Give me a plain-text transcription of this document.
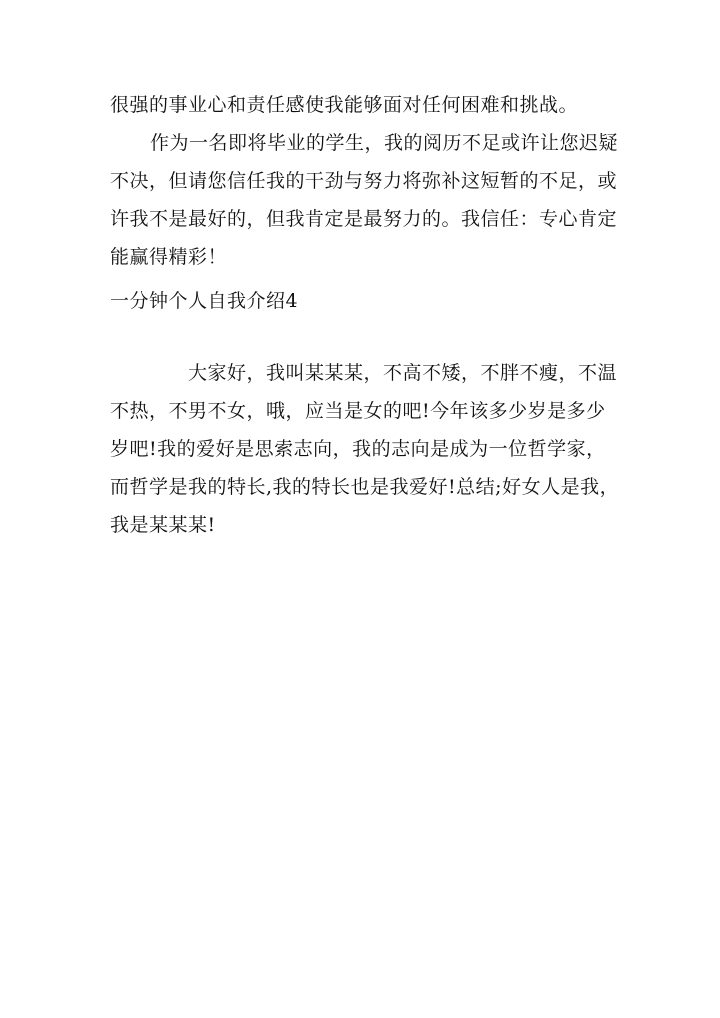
很强的事业心和责任感使我能够面对任何困难和挑战。
作为一名即将毕业的学生，我的阅历不足或许让您迟疑
不决，但请您信任我的干劲与努力将弥补这短暂的不足，或
许我不是最好的，但我肯定是最努力的。我信任：专心肯定
能赢得精彩！
一分钟个人自我介绍4
大家好，我叫某某某，不高不矮，不胖不瘦，不温
不热，不男不女，哦，应当是女的吧!今年该多少岁是多少
岁吧!我的爱好是思索志向，我的志向是成为一位哲学家，
而哲学是我的特长,我的特长也是我爱好!总结;好女人是我，
我是某某某!
